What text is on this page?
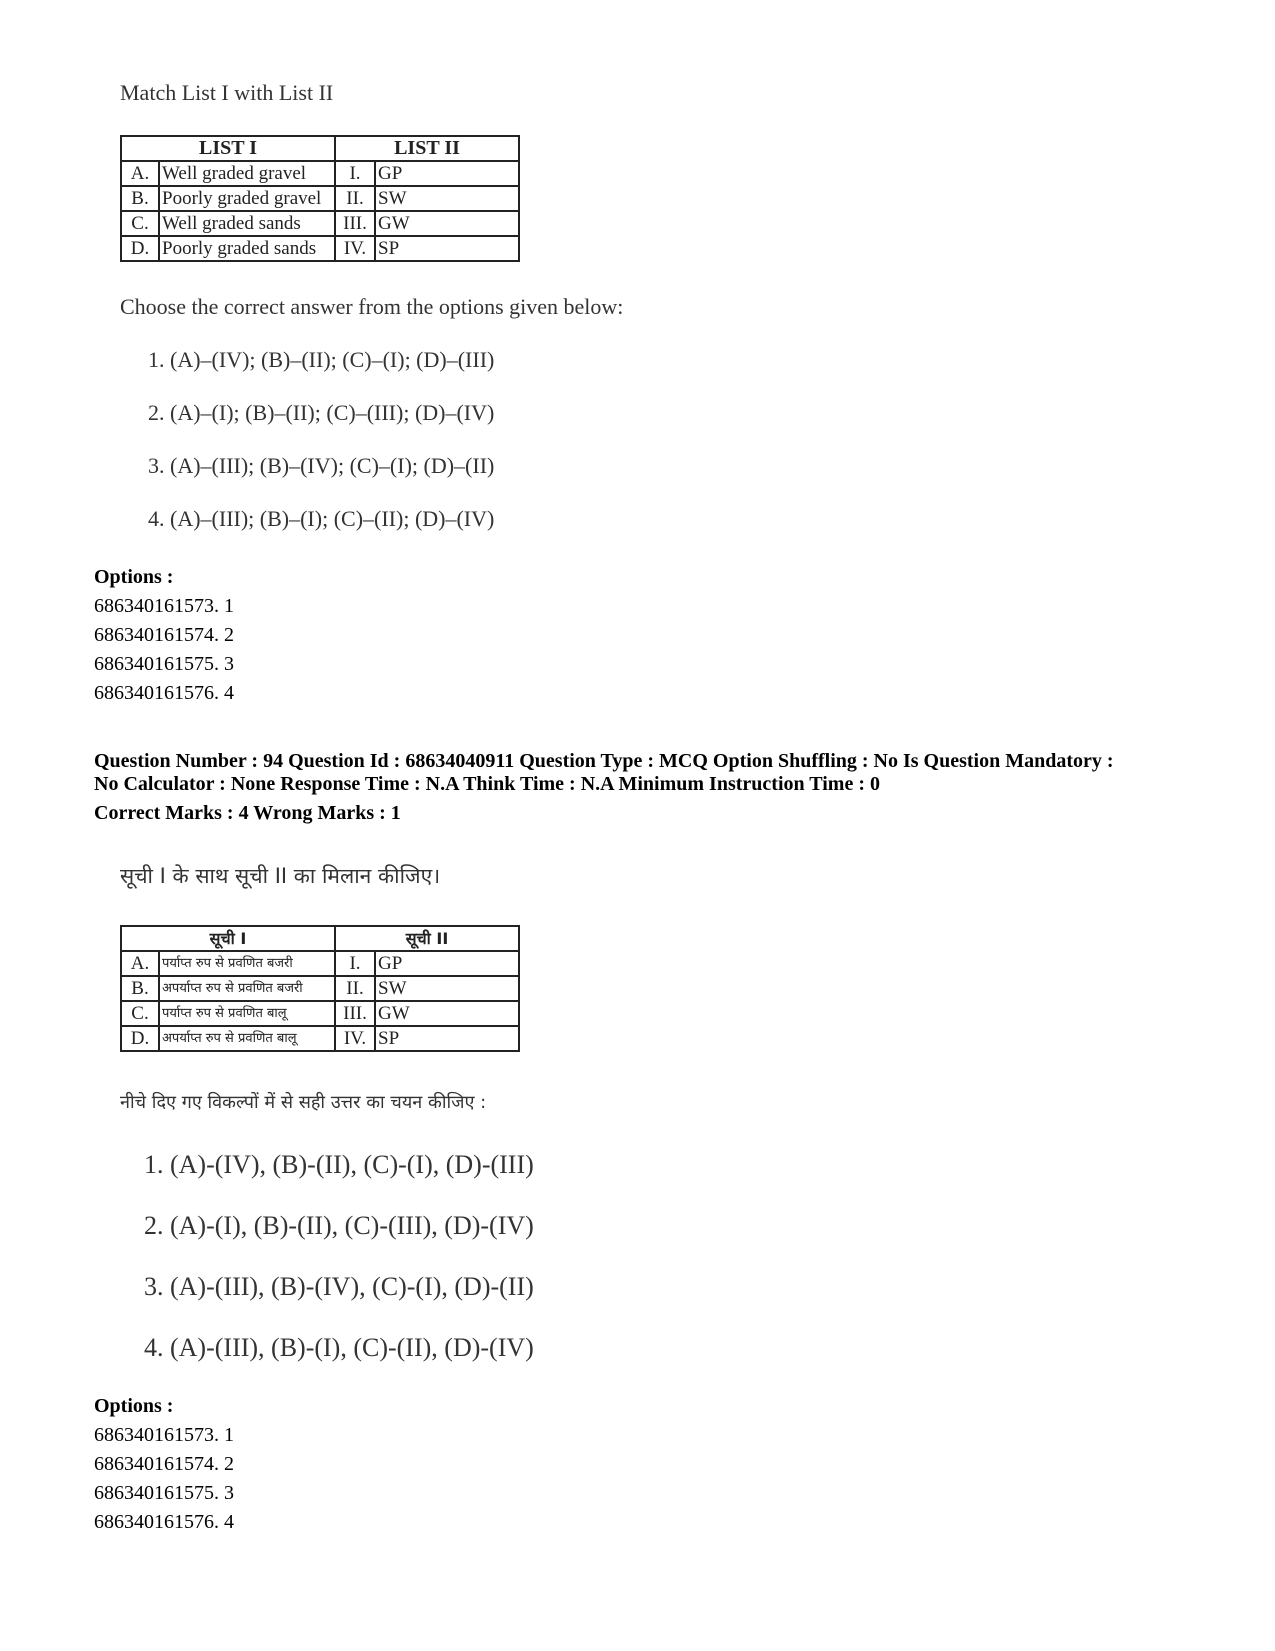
Match List I with List II
LIST I		LIST II	
A.	Well graded gravel	I.	GP
B.	Poorly graded gravel	II.	SW
C.	Well graded sands	III.	GW
D.	Poorly graded sands	IV.	SP
Choose the correct answer from the options given below:
1. (A)–(IV); (B)–(II); (C)–(I); (D)–(III)
2. (A)–(I); (B)–(II); (C)–(III); (D)–(IV)
3. (A)–(III); (B)–(IV); (C)–(I); (D)–(II)
4. (A)–(III); (B)–(I); (C)–(II); (D)–(IV)
Options :
686340161573. 1
686340161574. 2
686340161575. 3
686340161576. 4
Question Number : 94 Question Id : 68634040911 Question Type : MCQ Option Shuffling : No Is Question Mandatory :
No Calculator : None Response Time : N.A Think Time : N.A Minimum Instruction Time : 0
Correct Marks : 4 Wrong Marks : 1
सूची I के साथ सूची II का मिलान कीजिए।
सूची I		सूची II	
A.	पर्याप्त रुप से प्रवणित बजरी	I.	GP
B.	अपर्याप्त रुप से प्रवणित बजरी	II.	SW
C.	पर्याप्त रुप से प्रवणित बालू	III.	GW
D.	अपर्याप्त रुप से प्रवणित बालू	IV.	SP
नीचे दिए गए विकल्पों में से सही उत्तर का चयन कीजिए :
1. (A)-(IV), (B)-(II), (C)-(I), (D)-(III)
2. (A)-(I), (B)-(II), (C)-(III), (D)-(IV)
3. (A)-(III), (B)-(IV), (C)-(I), (D)-(II)
4. (A)-(III), (B)-(I), (C)-(II), (D)-(IV)
Options :
686340161573. 1
686340161574. 2
686340161575. 3
686340161576. 4
